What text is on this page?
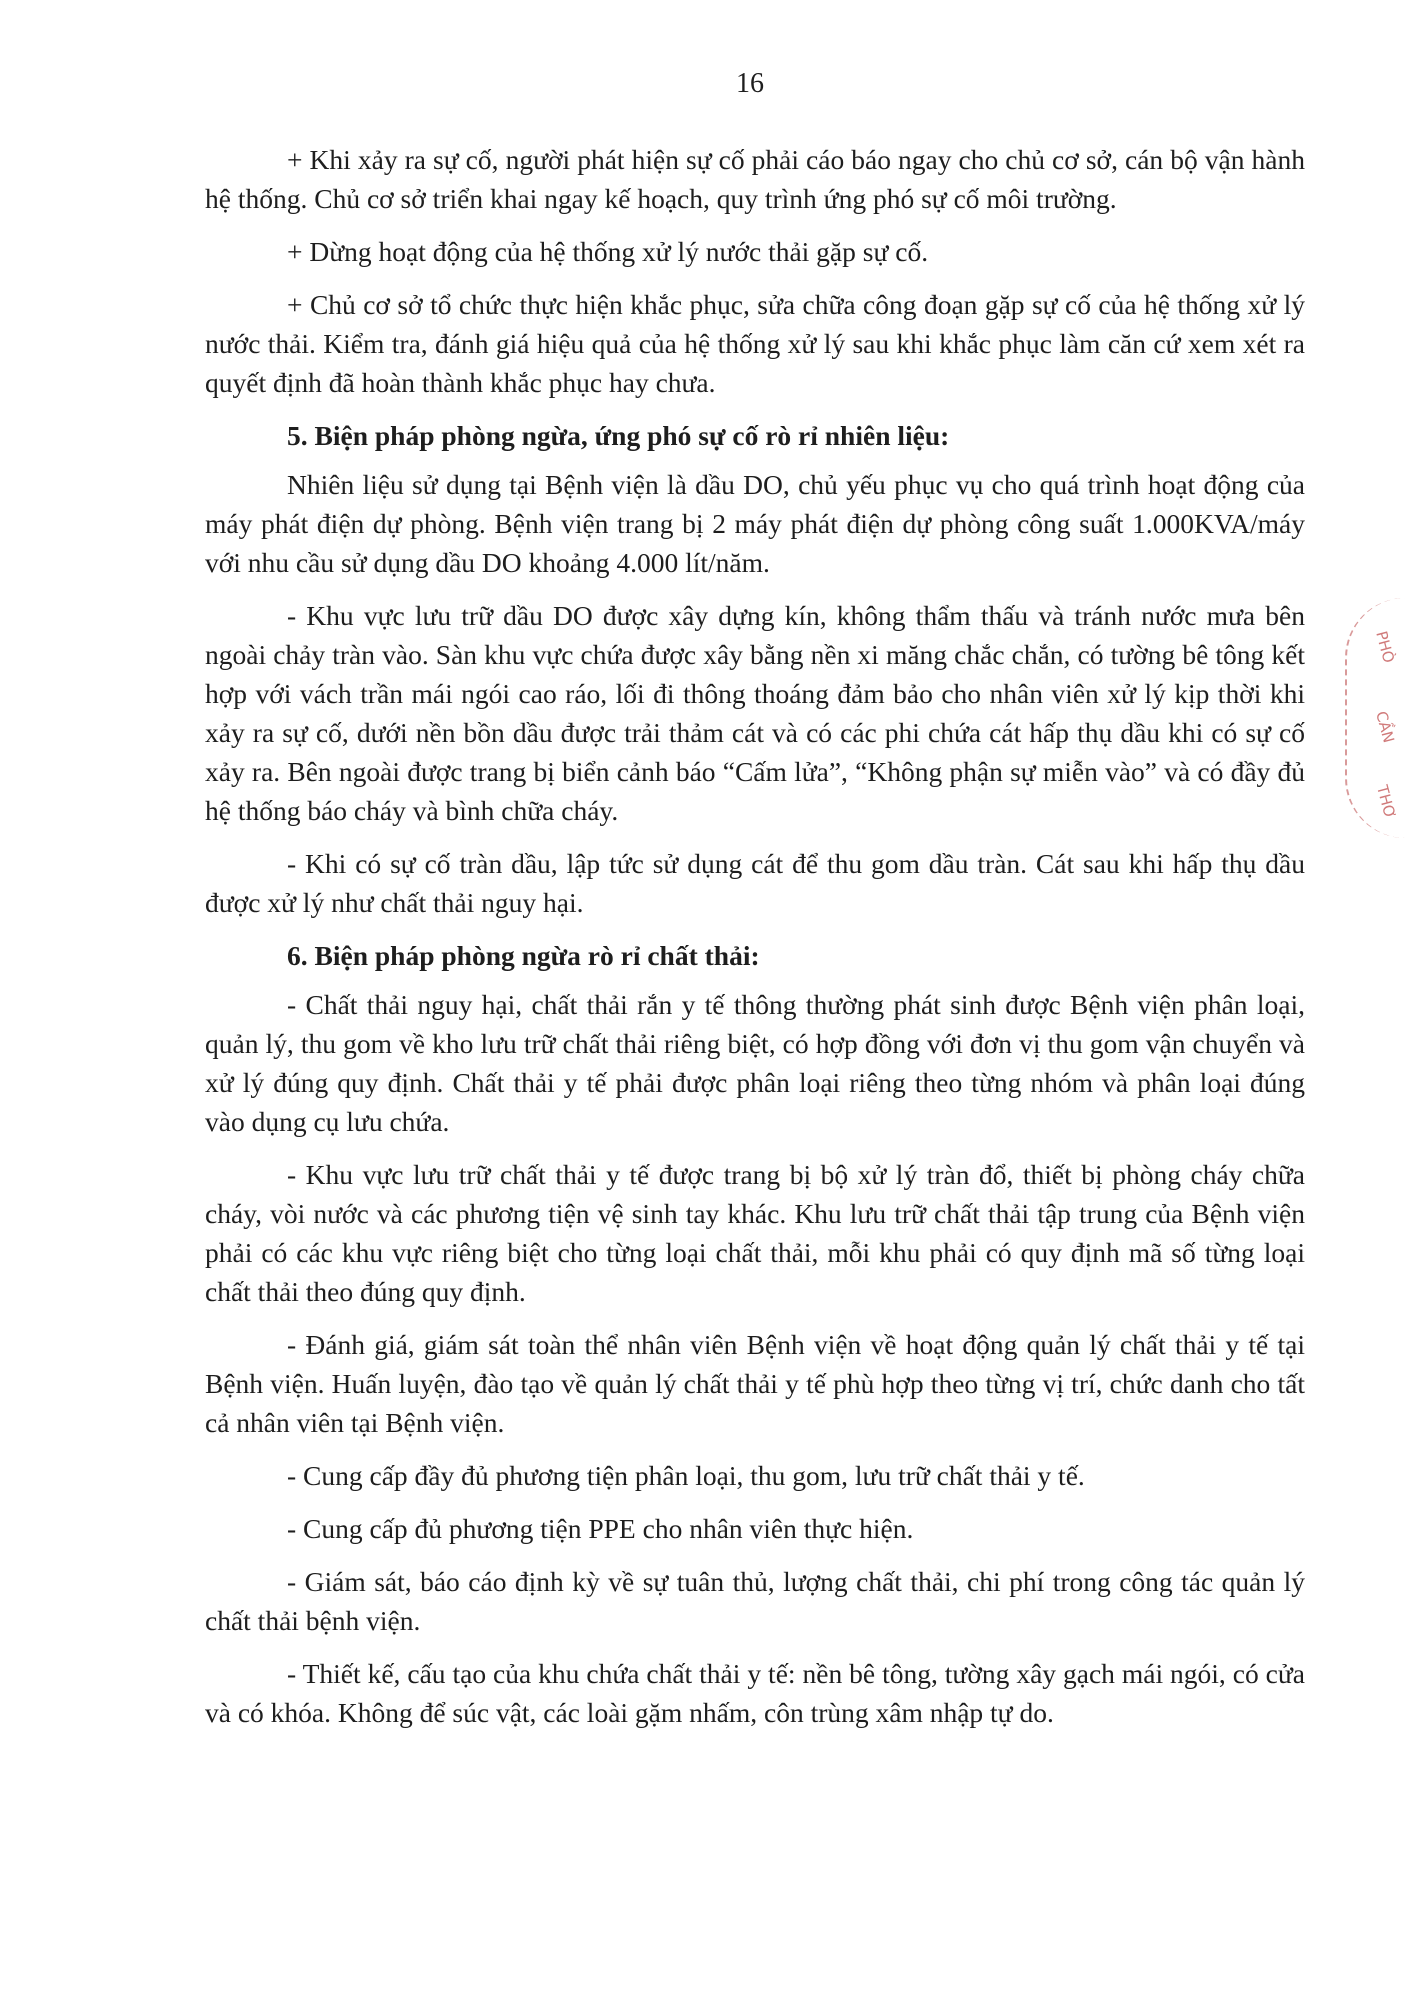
16

+ Khi xảy ra sự cố, người phát hiện sự cố phải cáo báo ngay cho chủ cơ sở, cán bộ vận hành hệ thống. Chủ cơ sở triển khai ngay kế hoạch, quy trình ứng phó sự cố môi trường.

+ Dừng hoạt động của hệ thống xử lý nước thải gặp sự cố.

+ Chủ cơ sở tổ chức thực hiện khắc phục, sửa chữa công đoạn gặp sự cố của hệ thống xử lý nước thải. Kiểm tra, đánh giá hiệu quả của hệ thống xử lý sau khi khắc phục làm căn cứ xem xét ra quyết định đã hoàn thành khắc phục hay chưa.

5. Biện pháp phòng ngừa, ứng phó sự cố rò rỉ nhiên liệu:

Nhiên liệu sử dụng tại Bệnh viện là dầu DO, chủ yếu phục vụ cho quá trình hoạt động của máy phát điện dự phòng. Bệnh viện trang bị 2 máy phát điện dự phòng công suất 1.000KVA/máy với nhu cầu sử dụng dầu DO khoảng 4.000 lít/năm.

- Khu vực lưu trữ dầu DO được xây dựng kín, không thẩm thấu và tránh nước mưa bên ngoài chảy tràn vào. Sàn khu vực chứa được xây bằng nền xi măng chắc chắn, có tường bê tông kết hợp với vách trần mái ngói cao ráo, lối đi thông thoáng đảm bảo cho nhân viên xử lý kịp thời khi xảy ra sự cố, dưới nền bồn dầu được trải thảm cát và có các phi chứa cát hấp thụ dầu khi có sự cố xảy ra. Bên ngoài được trang bị biển cảnh báo “Cấm lửa”, “Không phận sự miễn vào” và có đầy đủ hệ thống báo cháy và bình chữa cháy.

- Khi có sự cố tràn dầu, lập tức sử dụng cát để thu gom dầu tràn. Cát sau khi hấp thụ dầu được xử lý như chất thải nguy hại.

6. Biện pháp phòng ngừa rò rỉ chất thải:

- Chất thải nguy hại, chất thải rắn y tế thông thường phát sinh được Bệnh viện phân loại, quản lý, thu gom về kho lưu trữ chất thải riêng biệt, có hợp đồng với đơn vị thu gom vận chuyển và xử lý đúng quy định. Chất thải y tế phải được phân loại riêng theo từng nhóm và phân loại đúng vào dụng cụ lưu chứa.

- Khu vực lưu trữ chất thải y tế được trang bị bộ xử lý tràn đổ, thiết bị phòng cháy chữa cháy, vòi nước và các phương tiện vệ sinh tay khác. Khu lưu trữ chất thải tập trung của Bệnh viện phải có các khu vực riêng biệt cho từng loại chất thải, mỗi khu phải có quy định mã số từng loại chất thải theo đúng quy định.

- Đánh giá, giám sát toàn thể nhân viên Bệnh viện về hoạt động quản lý chất thải y tế tại Bệnh viện. Huấn luyện, đào tạo về quản lý chất thải y tế phù hợp theo từng vị trí, chức danh cho tất cả nhân viên tại Bệnh viện.

- Cung cấp đầy đủ phương tiện phân loại, thu gom, lưu trữ chất thải y tế.

- Cung cấp đủ phương tiện PPE cho nhân viên thực hiện.

- Giám sát, báo cáo định kỳ về sự tuân thủ, lượng chất thải, chi phí trong công tác quản lý chất thải bệnh viện.

- Thiết kế, cấu tạo của khu chứa chất thải y tế: nền bê tông, tường xây gạch mái ngói, có cửa và có khóa. Không để súc vật, các loài gặm nhấm, côn trùng xâm nhập tự do.

PHÒ
CẦN
THƠ
